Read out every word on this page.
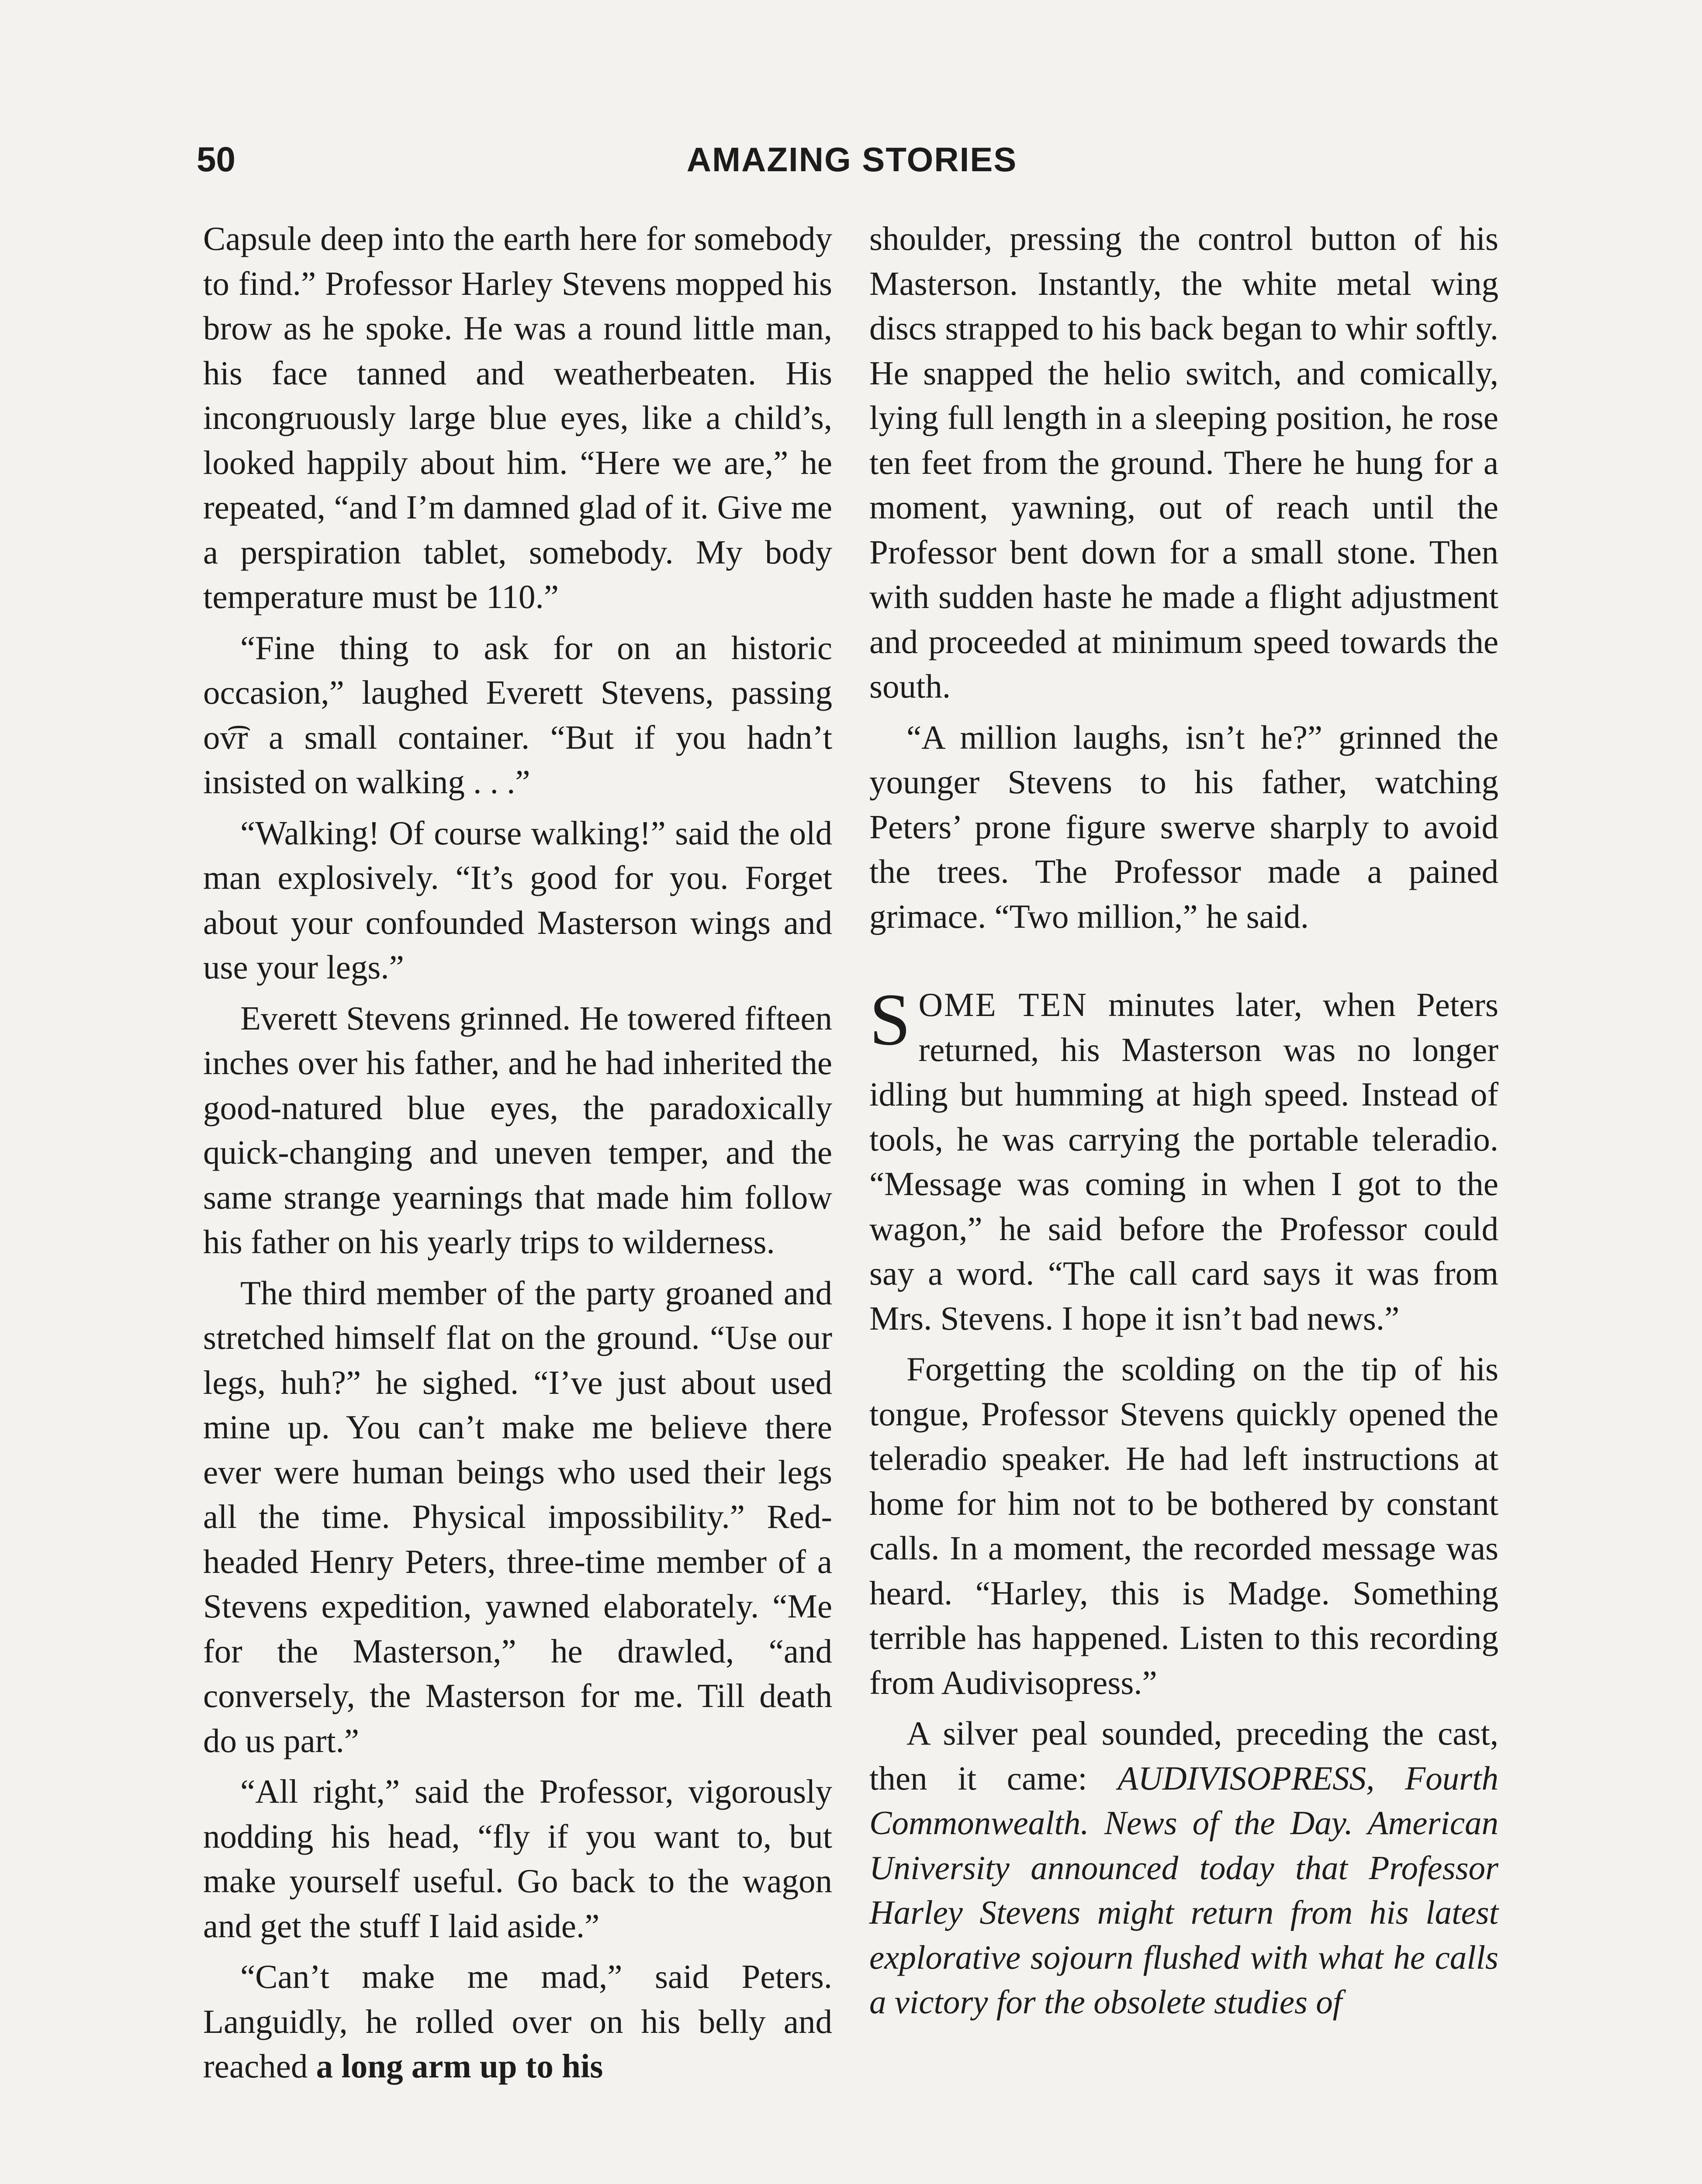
50	AMAZING STORIES

Capsule deep into the earth here for somebody to find.” Professor Harley Stevens mopped his brow as he spoke. He was a round little man, his face tanned and weatherbeaten. His incongruously large blue eyes, like a child’s, looked happily about him. “Here we are,” he repeated, “and I’m damned glad of it. Give me a perspiration tablet, somebody. My body temperature must be 110.”

“Fine thing to ask for on an historic occasion,” laughed Everett Stevens, passing ov͡r a small container. “But if you hadn’t insisted on walking . . .”

“Walking! Of course walking!” said the old man explosively. “It’s good for you. Forget about your confounded Masterson wings and use your legs.”

Everett Stevens grinned. He towered fifteen inches over his father, and he had inherited the good-natured blue eyes, the paradoxically quick-changing and uneven temper, and the same strange yearnings that made him follow his father on his yearly trips to wilderness.

The third member of the party groaned and stretched himself flat on the ground. “Use our legs, huh?” he sighed. “I’ve just about used mine up. You can’t make me believe there ever were human beings who used their legs all the time. Physical impossibility.” Red-headed Henry Peters, three-time member of a Stevens expedition, yawned elaborately. “Me for the Masterson,” he drawled, “and conversely, the Masterson for me. Till death do us part.”

“All right,” said the Professor, vigorously nodding his head, “fly if you want to, but make yourself useful. Go back to the wagon and get the stuff I laid aside.”

“Can’t make me mad,” said Peters. Languidly, he rolled over on his belly and reached a long arm up to his

shoulder, pressing the control button of his Masterson. Instantly, the white metal wing discs strapped to his back began to whir softly. He snapped the helio switch, and comically, lying full length in a sleeping position, he rose ten feet from the ground. There he hung for a moment, yawning, out of reach until the Professor bent down for a small stone. Then with sudden haste he made a flight adjustment and proceeded at minimum speed towards the south.

“A million laughs, isn’t he?” grinned the younger Stevens to his father, watching Peters’ prone figure swerve sharply to avoid the trees. The Professor made a pained grimace. “Two million,” he said.

SOME TEN minutes later, when Peters returned, his Masterson was no longer idling but humming at high speed. Instead of tools, he was carrying the portable teleradio. “Message was coming in when I got to the wagon,” he said before the Professor could say a word. “The call card says it was from Mrs. Stevens. I hope it isn’t bad news.”

Forgetting the scolding on the tip of his tongue, Professor Stevens quickly opened the teleradio speaker. He had left instructions at home for him not to be bothered by constant calls. In a moment, the recorded message was heard. “Harley, this is Madge. Something terrible has happened. Listen to this recording from Audivisopress.”

A silver peal sounded, preceding the cast, then it came: AUDIVISOPRESS, Fourth Commonwealth. News of the Day. American University announced today that Professor Harley Stevens might return from his latest explorative sojourn flushed with what he calls a victory for the obsolete studies of
